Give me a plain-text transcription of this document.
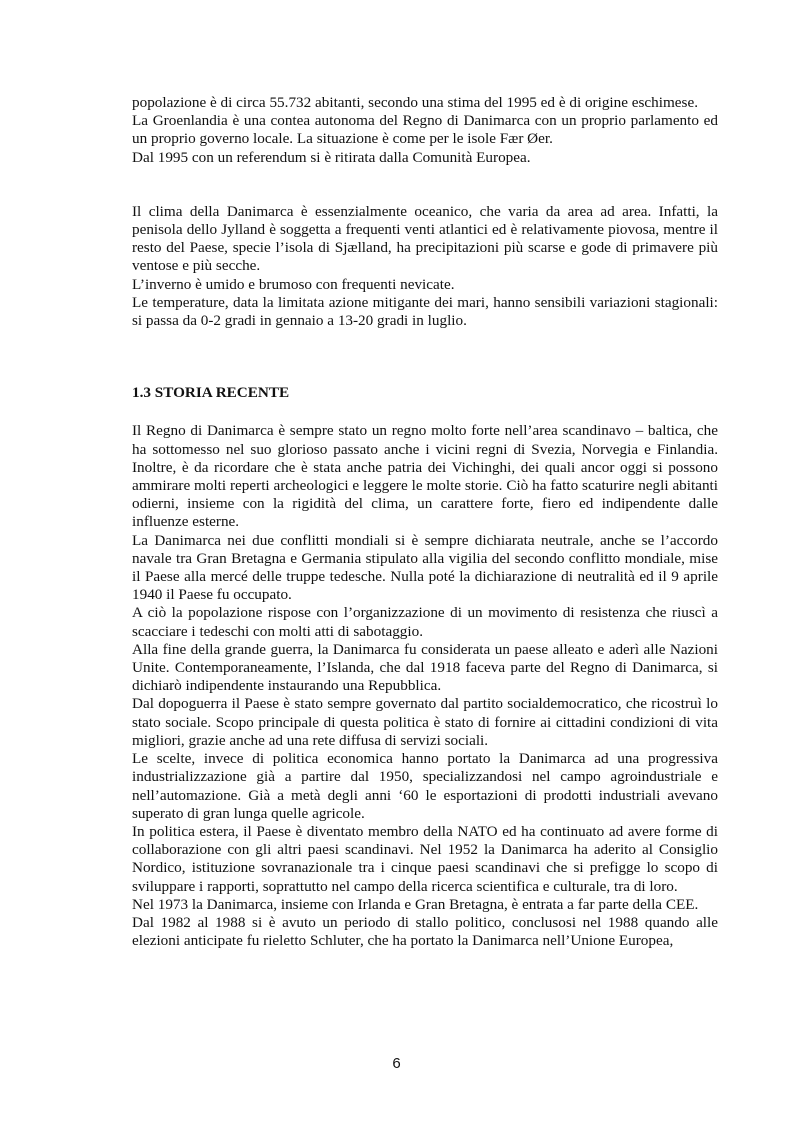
popolazione è di circa 55.732 abitanti, secondo una stima del 1995 ed è di origine eschimese.

La Groenlandia è una contea autonoma del Regno di Danimarca con un proprio parlamento ed un proprio governo locale. La situazione è come per le isole Fær Øer.

Dal 1995 con un referendum si è ritirata dalla Comunità Europea.

Il clima della Danimarca è essenzialmente oceanico, che varia da area ad area. Infatti, la penisola dello Jylland è soggetta a frequenti venti atlantici ed è relativamente piovosa, mentre il resto del Paese, specie l’isola di Sjælland, ha precipitazioni più scarse e gode di primavere più ventose e più secche.

L’inverno è umido e brumoso con frequenti nevicate.

Le temperature, data la limitata azione mitigante dei mari, hanno sensibili variazioni stagionali: si passa da 0-2 gradi in gennaio a 13-20 gradi in luglio.

1.3 STORIA RECENTE

Il Regno di Danimarca è sempre stato un regno molto forte nell’area scandinavo – baltica, che ha sottomesso nel suo glorioso passato anche i vicini regni di Svezia, Norvegia e Finlandia. Inoltre, è da ricordare che è stata anche patria dei Vichinghi, dei quali ancor oggi si possono ammirare molti reperti archeologici e leggere le molte storie. Ciò ha fatto scaturire negli abitanti odierni, insieme con la rigidità del clima, un carattere forte, fiero ed indipendente dalle influenze esterne.

La Danimarca nei due conflitti mondiali si è sempre dichiarata neutrale, anche se l’accordo navale tra Gran Bretagna e Germania stipulato alla vigilia del secondo conflitto mondiale, mise il Paese alla mercé delle truppe tedesche. Nulla poté la dichiarazione di neutralità ed il 9 aprile 1940 il Paese fu occupato.

A ciò la popolazione rispose con l’organizzazione di un movimento di resistenza che riuscì a scacciare i tedeschi con molti atti di sabotaggio.

Alla fine della grande guerra, la Danimarca fu considerata un paese alleato e aderì alle Nazioni Unite. Contemporaneamente, l’Islanda, che dal 1918 faceva parte del Regno di Danimarca, si dichiarò indipendente instaurando una Repubblica.

Dal dopoguerra il Paese è stato sempre governato dal partito socialdemocratico, che ricostruì lo stato sociale. Scopo principale di questa politica è stato di fornire ai cittadini condizioni di vita migliori, grazie anche ad una rete diffusa di servizi sociali.

Le scelte, invece di politica economica hanno portato la Danimarca ad una progressiva industrializzazione già a partire dal 1950, specializzandosi nel campo agroindustriale e nell’automazione. Già a metà degli anni ‘60 le esportazioni di prodotti industriali avevano superato di gran lunga quelle agricole.

In politica estera, il Paese è diventato membro della NATO ed ha continuato ad avere forme di collaborazione con gli altri paesi scandinavi. Nel 1952 la Danimarca ha aderito al Consiglio Nordico, istituzione sovranazionale tra i cinque paesi scandinavi che si prefigge lo scopo di sviluppare i rapporti, soprattutto nel campo della ricerca scientifica e culturale, tra di loro.

Nel 1973 la Danimarca, insieme con Irlanda e Gran Bretagna, è entrata a far parte della CEE.

Dal 1982 al 1988 si è avuto un periodo di stallo politico, conclusosi nel 1988 quando alle elezioni anticipate fu rieletto Schluter, che ha portato la Danimarca nell’Unione Europea,

6
